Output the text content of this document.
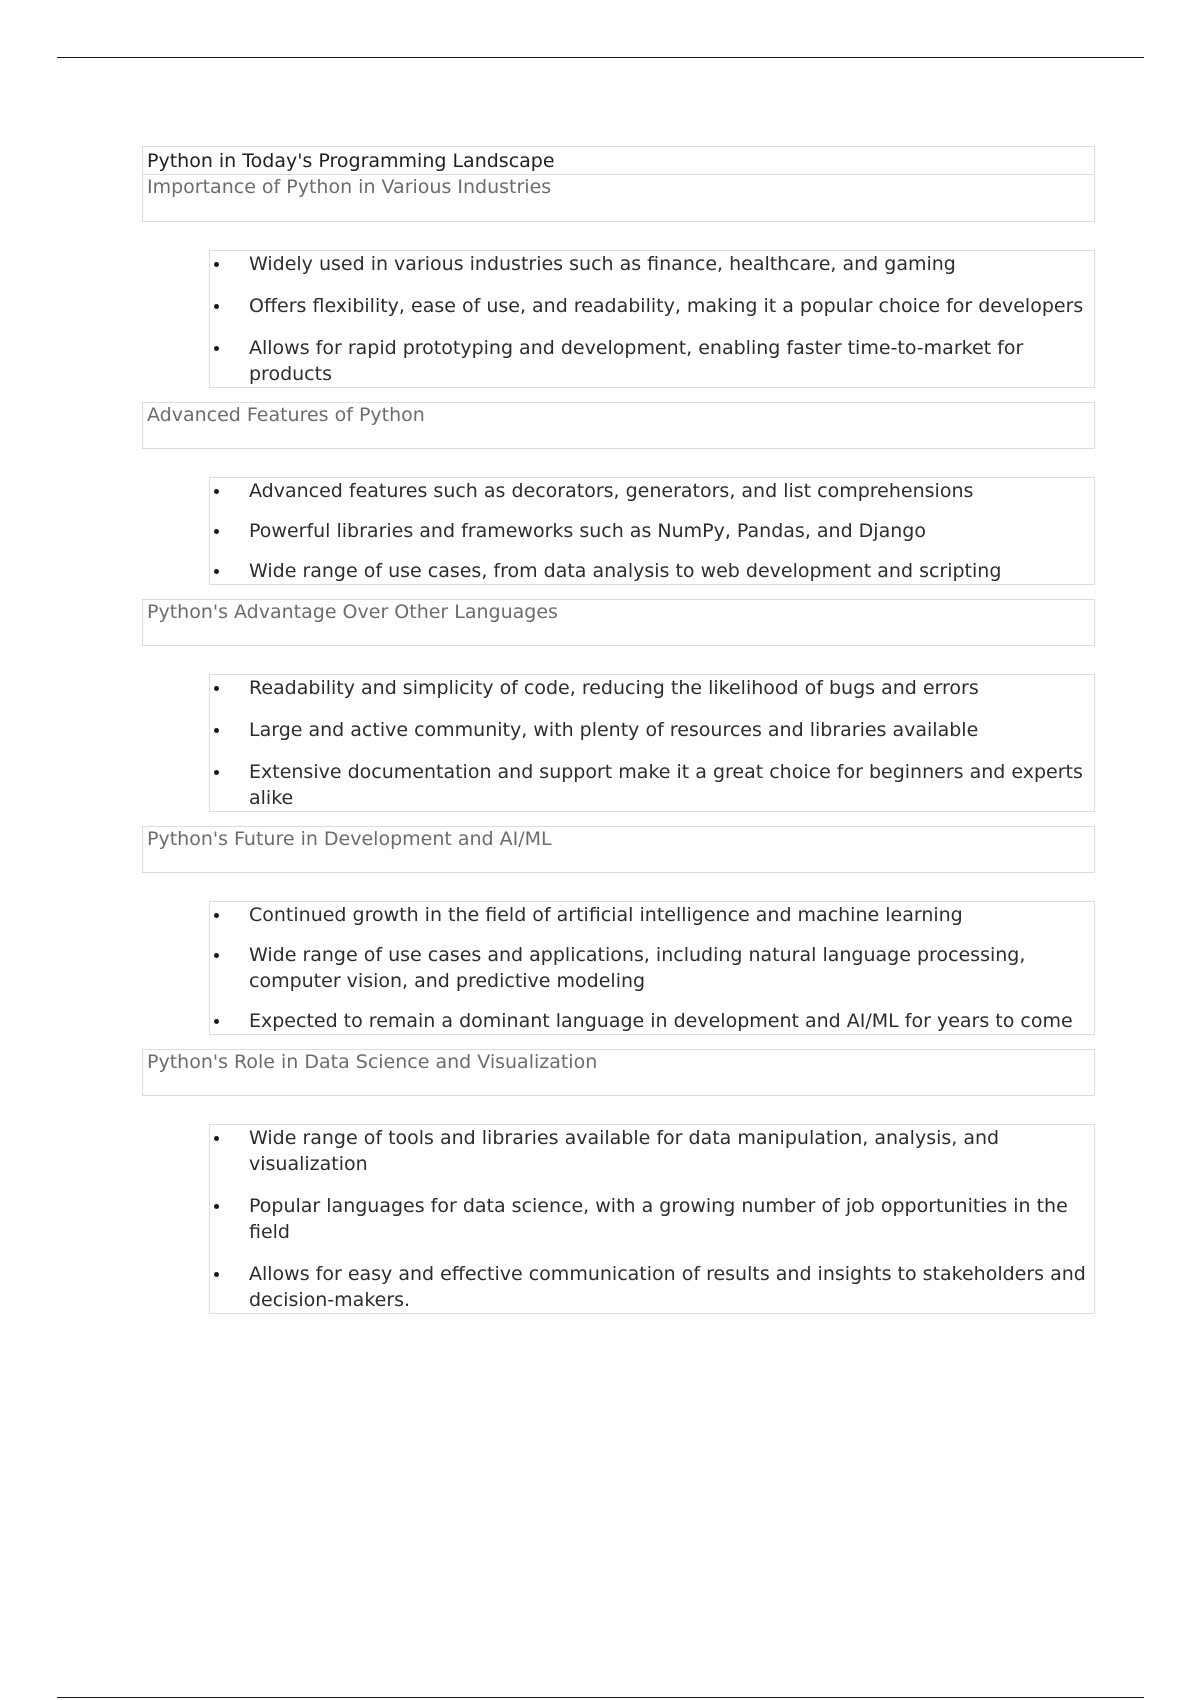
Python in Today's Programming Landscape
Importance of Python in Various Industries
Widely used in various industries such as finance, healthcare, and gaming
Offers flexibility, ease of use, and readability, making it a popular choice for developers
Allows for rapid prototyping and development, enabling faster time-to-market for products
Advanced Features of Python
Advanced features such as decorators, generators, and list comprehensions
Powerful libraries and frameworks such as NumPy, Pandas, and Django
Wide range of use cases, from data analysis to web development and scripting
Python's Advantage Over Other Languages
Readability and simplicity of code, reducing the likelihood of bugs and errors
Large and active community, with plenty of resources and libraries available
Extensive documentation and support make it a great choice for beginners and experts alike
Python's Future in Development and AI/ML
Continued growth in the field of artificial intelligence and machine learning
Wide range of use cases and applications, including natural language processing, computer vision, and predictive modeling
Expected to remain a dominant language in development and AI/ML for years to come
Python's Role in Data Science and Visualization
Wide range of tools and libraries available for data manipulation, analysis, and visualization
Popular languages for data science, with a growing number of job opportunities in the field
Allows for easy and effective communication of results and insights to stakeholders and decision-makers.
